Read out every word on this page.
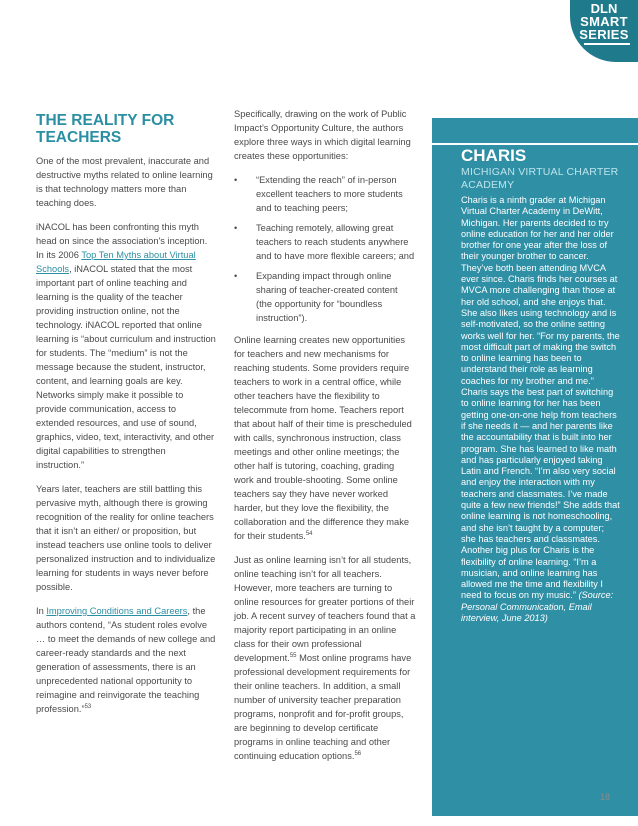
DLN
SMART
SERIES
THE REALITY FOR TEACHERS

One of the most prevalent, inaccurate and destructive myths related to online learning is that technology matters more than teaching does.

iNACOL has been confronting this myth head on since the association's inception. In its 2006 Top Ten Myths about Virtual Schools, iNACOL stated that the most important part of online teaching and learning is the quality of the teacher providing instruction online, not the technology. iNACOL reported that online learning is “about curriculum and instruction for students. The “medium” is not the message because the student, instructor, content, and learning goals are key. Networks simply make it possible to provide communication, access to extended resources, and use of sound, graphics, video, text, interactivity, and other digital capabilities to strengthen instruction.”

Years later, teachers are still battling this pervasive myth, although there is growing recognition of the reality for online teachers that it isn’t an either/ or proposition, but instead teachers use online tools to deliver personalized instruction and to individualize learning for students in ways never before possible.

In Improving Conditions and Careers, the authors contend, “As student roles evolve … to meet the demands of new college and career-ready standards and the next generation of assessments, there is an unprecedented national opportunity to reimagine and reinvigorate the teaching profession.”$^{53}$

Specifically, drawing on the work of Public Impact’s Opportunity Culture, the authors explore three ways in which digital learning creates these opportunities:

• “Extending the reach” of in-person excellent teachers to more students and to teaching peers;
• Teaching remotely, allowing great teachers to reach students anywhere and to have more flexible careers; and
• Expanding impact through online sharing of teacher-created content (the opportunity for “boundless instruction”).

Online learning creates new opportunities for teachers and new mechanisms for reaching students. Some providers require teachers to work in a central office, while other teachers have the flexibility to telecommute from home. Teachers report that about half of their time is prescheduled with calls, synchronous instruction, class meetings and other online meetings; the other half is tutoring, coaching, grading work and trouble-shooting. Some online teachers say they have never worked harder, but they love the flexibility, the collaboration and the difference they make for their students.$^{54}$

Just as online learning isn’t for all students, online teaching isn’t for all teachers. However, more teachers are turning to online resources for greater portions of their job. A recent survey of teachers found that a majority report participating in an online class for their own professional development.$^{55}$ Most online programs have professional development requirements for their online teachers. In addition, a small number of university teacher preparation programs, nonprofit and for-profit groups, are beginning to develop certificate programs in online teaching and other continuing education options.$^{56}$

CHARIS
MICHIGAN VIRTUAL CHARTER ACADEMY

Charis is a ninth grader at Michigan Virtual Charter Academy in DeWitt, Michigan. Her parents decided to try online education for her and her older brother for one year after the loss of their younger brother to cancer. They’ve both been attending MVCA ever since. Charis finds her courses at MVCA more challenging than those at her old school, and she enjoys that. She also likes using technology and is self-motivated, so the online setting works well for her. “For my parents, the most difficult part of making the switch to online learning has been to understand their role as learning coaches for my brother and me.” Charis says the best part of switching to online learning for her has been getting one-on-one help from teachers if she needs it — and her parents like the accountability that is built into her program. She has learned to like math and has particularly enjoyed taking Latin and French. “I’m also very social and enjoy the interaction with my teachers and classmates. I’ve made quite a few new friends!” She adds that online learning is not homeschooling, and she isn’t taught by a computer; she has teachers and classmates. Another big plus for Charis is the flexibility of online learning. “I’m a musician, and online learning has allowed me the time and flexibility I need to focus on my music.” (Source: Personal Communication, Email interview, June 2013)

18
